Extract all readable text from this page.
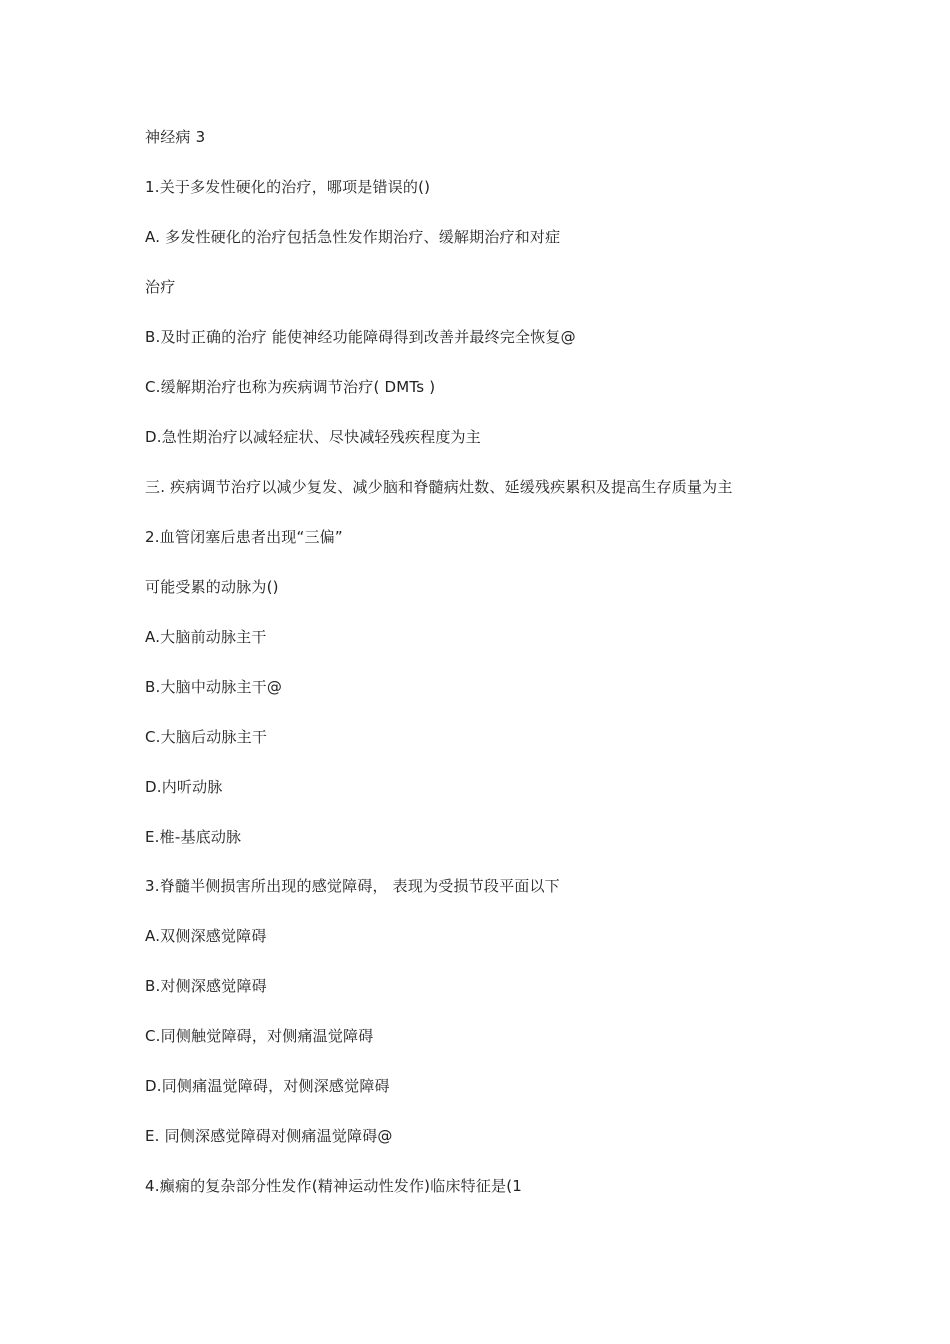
神经病 3
1.关于多发性硬化的治疗，哪项是错误的()
A. 多发性硬化的治疗包括急性发作期治疗、缓解期治疗和对症
治疗
B.及时正确的治疗 能使神经功能障碍得到改善并最终完全恢复@
C.缓解期治疗也称为疾病调节治疗( DMTs )
D.急性期治疗以减轻症状、尽快减轻残疾程度为主
三. 疾病调节治疗以减少复发、减少脑和脊髓病灶数、延缓残疾累积及提高生存质量为主
2.血管闭塞后患者出现“三偏”
可能受累的动脉为()
A.大脑前动脉主干
B.大脑中动脉主干@
C.大脑后动脉主干
D.内听动脉
E.椎-基底动脉
3.脊髓半侧损害所出现的感觉障碍， 表现为受损节段平面以下
A.双侧深感觉障碍
B.对侧深感觉障碍
C.同侧触觉障碍，对侧痛温觉障碍
D.同侧痛温觉障碍，对侧深感觉障碍
E. 同侧深感觉障碍对侧痛温觉障碍@
4.癫痫的复杂部分性发作(精神运动性发作)临床特征是(1
